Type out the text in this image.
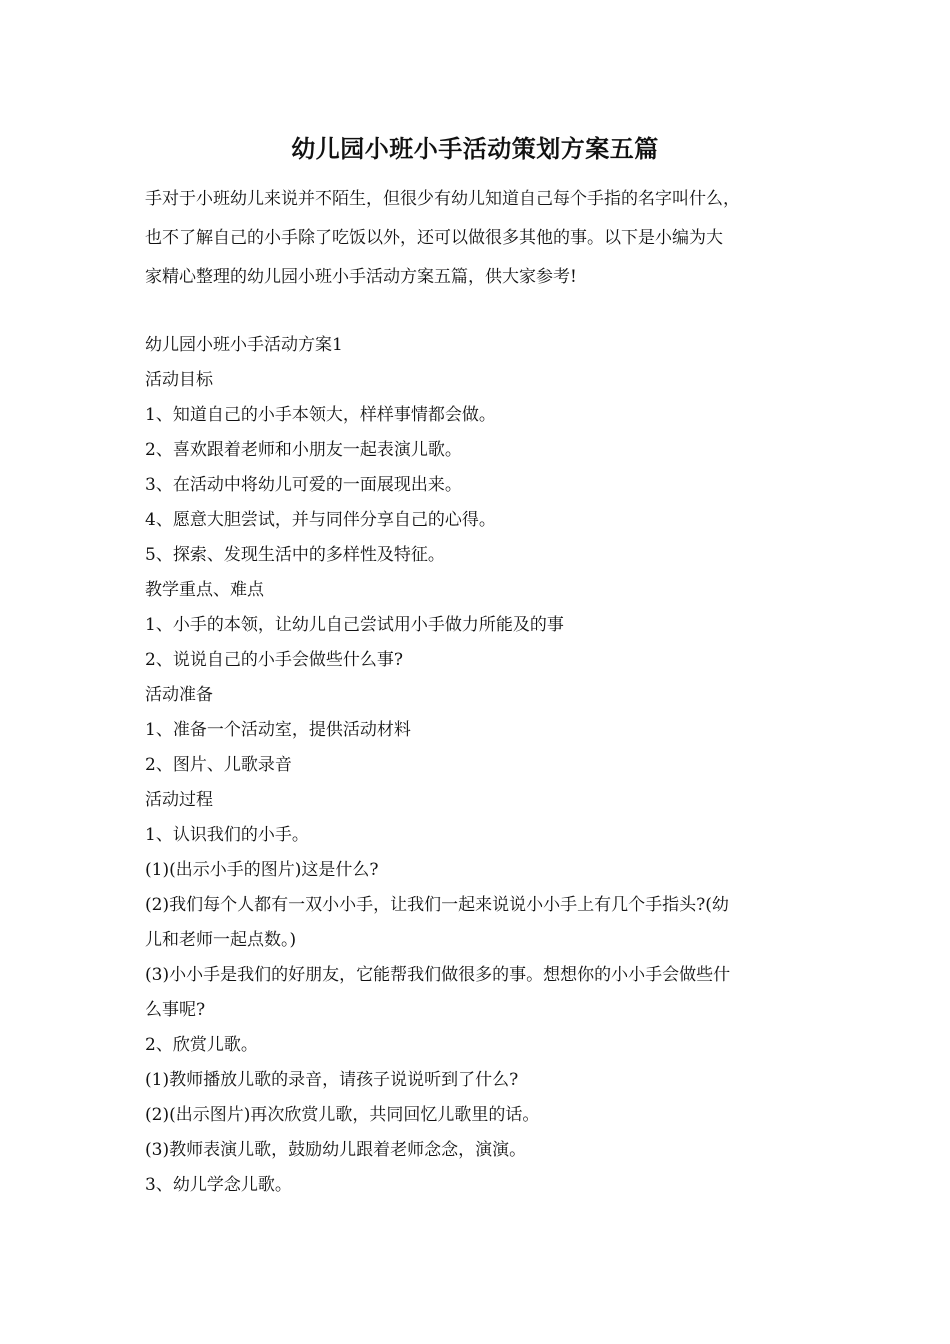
幼儿园小班小手活动策划方案五篇

手对于小班幼儿来说并不陌生，但很少有幼儿知道自己每个手指的名字叫什么，

也不了解自己的小手除了吃饭以外，还可以做很多其他的事。以下是小编为大

家精心整理的幼儿园小班小手活动方案五篇，供大家参考!

幼儿园小班小手活动方案1

活动目标

1、知道自己的小手本领大，样样事情都会做。

2、喜欢跟着老师和小朋友一起表演儿歌。

3、在活动中将幼儿可爱的一面展现出来。

4、愿意大胆尝试，并与同伴分享自己的心得。

5、探索、发现生活中的多样性及特征。

教学重点、难点

1、小手的本领，让幼儿自己尝试用小手做力所能及的事

2、说说自己的小手会做些什么事?

活动准备

1、准备一个活动室，提供活动材料

2、图片、儿歌录音

活动过程

1、认识我们的小手。

(1)(出示小手的图片)这是什么?

(2)我们每个人都有一双小小手，让我们一起来说说小小手上有几个手指头?(幼

儿和老师一起点数。)

(3)小小手是我们的好朋友，它能帮我们做很多的事。想想你的小小手会做些什

么事呢?

2、欣赏儿歌。

(1)教师播放儿歌的录音，请孩子说说听到了什么?

(2)(出示图片)再次欣赏儿歌，共同回忆儿歌里的话。

(3)教师表演儿歌，鼓励幼儿跟着老师念念，演演。

3、幼儿学念儿歌。
